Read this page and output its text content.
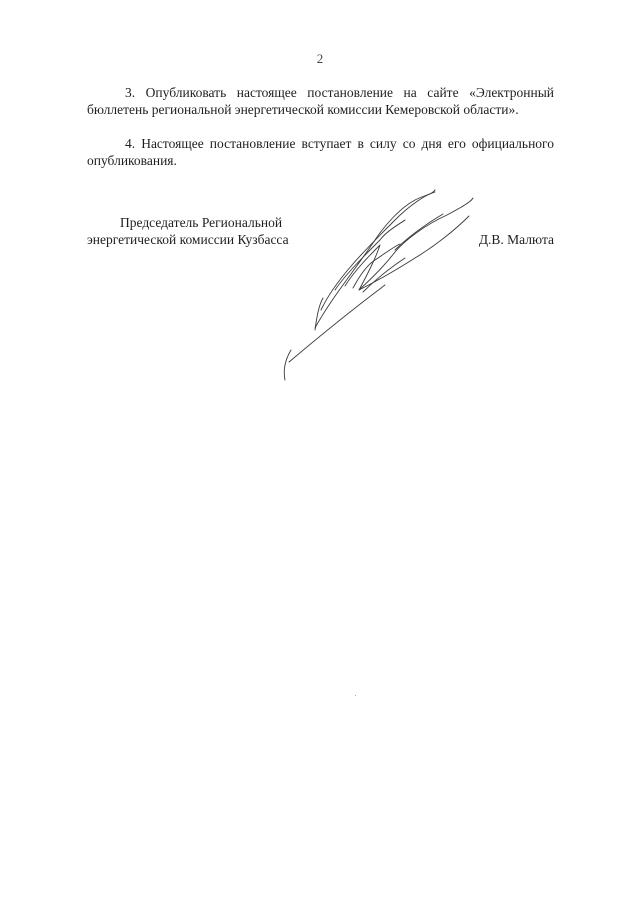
2

3. Опубликовать настоящее постановление на сайте «Электронный бюллетень региональной энергетической комиссии Кемеровской области».

4. Настоящее постановление вступает в силу со дня его официального опубликования.

Председатель Региональной
энергетической комиссии Кузбасса	Д.В. Малюта
